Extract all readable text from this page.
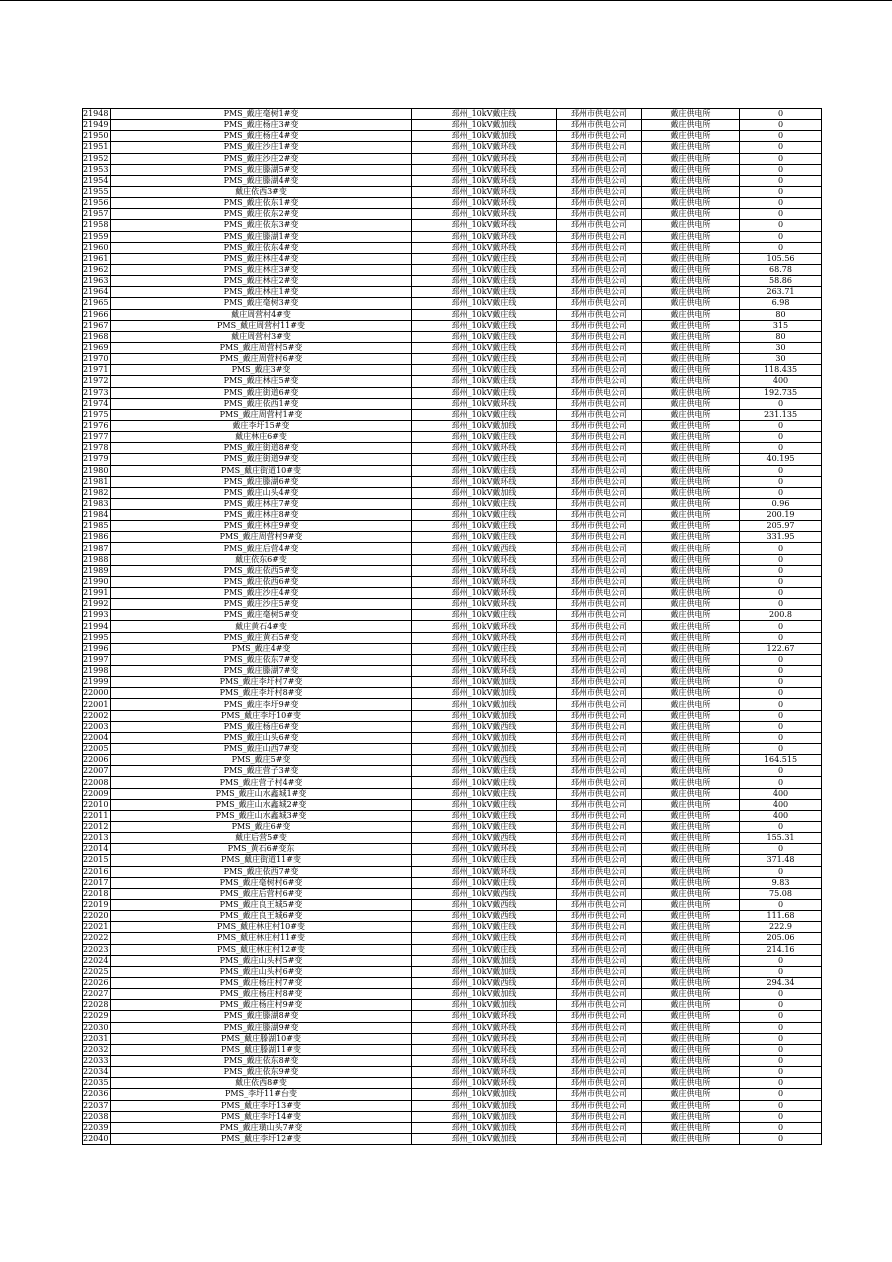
21948	PMS_戴庄毫树1#变	邳州_10kV戴庄线	邳州市供电公司	戴庄供电所	0
21949	PMS_戴庄杨庄3#变	邳州_10kV戴加线	邳州市供电公司	戴庄供电所	0
21950	PMS_戴庄杨庄4#变	邳州_10kV戴加线	邳州市供电公司	戴庄供电所	0
21951	PMS_戴庄沙庄1#变	邳州_10kV戴环线	邳州市供电公司	戴庄供电所	0
21952	PMS_戴庄沙庄2#变	邳州_10kV戴环线	邳州市供电公司	戴庄供电所	0
21953	PMS_戴庄滕湖5#变	邳州_10kV戴环线	邳州市供电公司	戴庄供电所	0
21954	PMS_戴庄滕湖4#变	邳州_10kV戴环线	邳州市供电公司	戴庄供电所	0
21955	戴庄依西3#变	邳州_10kV戴环线	邳州市供电公司	戴庄供电所	0
21956	PMS_戴庄依东1#变	邳州_10kV戴环线	邳州市供电公司	戴庄供电所	0
21957	PMS_戴庄依东2#变	邳州_10kV戴环线	邳州市供电公司	戴庄供电所	0
21958	PMS_戴庄依东3#变	邳州_10kV戴环线	邳州市供电公司	戴庄供电所	0
21959	PMS_戴庄滕湖1#变	邳州_10kV戴环线	邳州市供电公司	戴庄供电所	0
21960	PMS_戴庄依东4#变	邳州_10kV戴环线	邳州市供电公司	戴庄供电所	0
21961	PMS_戴庄林庄4#变	邳州_10kV戴庄线	邳州市供电公司	戴庄供电所	105.56
21962	PMS_戴庄林庄3#变	邳州_10kV戴庄线	邳州市供电公司	戴庄供电所	68.78
21963	PMS_戴庄林庄2#变	邳州_10kV戴庄线	邳州市供电公司	戴庄供电所	58.86
21964	PMS_戴庄林庄1#变	邳州_10kV戴庄线	邳州市供电公司	戴庄供电所	263.71
21965	PMS_戴庄毫树3#变	邳州_10kV戴庄线	邳州市供电公司	戴庄供电所	6.98
21966	戴庄周营村4#变	邳州_10kV戴庄线	邳州市供电公司	戴庄供电所	80
21967	PMS_戴庄周营村11#变	邳州_10kV戴庄线	邳州市供电公司	戴庄供电所	315
21968	戴庄周营村3#变	邳州_10kV戴庄线	邳州市供电公司	戴庄供电所	80
21969	PMS_戴庄周营村5#变	邳州_10kV戴庄线	邳州市供电公司	戴庄供电所	30
21970	PMS_戴庄周营村6#变	邳州_10kV戴庄线	邳州市供电公司	戴庄供电所	30
21971	PMS_戴庄3#变	邳州_10kV戴庄线	邳州市供电公司	戴庄供电所	118.435
21972	PMS_戴庄林庄5#变	邳州_10kV戴庄线	邳州市供电公司	戴庄供电所	400
21973	PMS_戴庄街道6#变	邳州_10kV戴庄线	邳州市供电公司	戴庄供电所	192.735
21974	PMS_戴庄依西1#变	邳州_10kV戴环线	邳州市供电公司	戴庄供电所	0
21975	PMS_戴庄周营村1#变	邳州_10kV戴庄线	邳州市供电公司	戴庄供电所	231.135
21976	戴庄李圩15#变	邳州_10kV戴加线	邳州市供电公司	戴庄供电所	0
21977	戴庄林庄6#变	邳州_10kV戴庄线	邳州市供电公司	戴庄供电所	0
21978	PMS_戴庄街道8#变	邳州_10kV戴环线	邳州市供电公司	戴庄供电所	0
21979	PMS_戴庄街道9#变	邳州_10kV戴庄线	邳州市供电公司	戴庄供电所	40.195
21980	PMS_戴庄街道10#变	邳州_10kV戴庄线	邳州市供电公司	戴庄供电所	0
21981	PMS_戴庄滕湖6#变	邳州_10kV戴环线	邳州市供电公司	戴庄供电所	0
21982	PMS_戴庄山头4#变	邳州_10kV戴加线	邳州市供电公司	戴庄供电所	0
21983	PMS_戴庄林庄7#变	邳州_10kV戴庄线	邳州市供电公司	戴庄供电所	0.96
21984	PMS_戴庄林庄8#变	邳州_10kV戴庄线	邳州市供电公司	戴庄供电所	200.19
21985	PMS_戴庄林庄9#变	邳州_10kV戴庄线	邳州市供电公司	戴庄供电所	205.97
21986	PMS_戴庄周营村9#变	邳州_10kV戴庄线	邳州市供电公司	戴庄供电所	331.95
21987	PMS_戴庄后营4#变	邳州_10kV戴西线	邳州市供电公司	戴庄供电所	0
21988	戴庄依东6#变	邳州_10kV戴环线	邳州市供电公司	戴庄供电所	0
21989	PMS_戴庄依西5#变	邳州_10kV戴环线	邳州市供电公司	戴庄供电所	0
21990	PMS_戴庄依西6#变	邳州_10kV戴环线	邳州市供电公司	戴庄供电所	0
21991	PMS_戴庄沙庄4#变	邳州_10kV戴环线	邳州市供电公司	戴庄供电所	0
21992	PMS_戴庄沙庄5#变	邳州_10kV戴环线	邳州市供电公司	戴庄供电所	0
21993	PMS_戴庄毫树5#变	邳州_10kV戴庄线	邳州市供电公司	戴庄供电所	200.8
21994	戴庄黄石4#变	邳州_10kV戴环线	邳州市供电公司	戴庄供电所	0
21995	PMS_戴庄黄石5#变	邳州_10kV戴环线	邳州市供电公司	戴庄供电所	0
21996	PMS_戴庄4#变	邳州_10kV戴庄线	邳州市供电公司	戴庄供电所	122.67
21997	PMS_戴庄依东7#变	邳州_10kV戴环线	邳州市供电公司	戴庄供电所	0
21998	PMS_戴庄滕湖7#变	邳州_10kV戴环线	邳州市供电公司	戴庄供电所	0
21999	PMS_戴庄李圩村7#变	邳州_10kV戴加线	邳州市供电公司	戴庄供电所	0
22000	PMS_戴庄李圩村8#变	邳州_10kV戴加线	邳州市供电公司	戴庄供电所	0
22001	PMS_戴庄李圩9#变	邳州_10kV戴加线	邳州市供电公司	戴庄供电所	0
22002	PMS_戴庄李圩10#变	邳州_10kV戴加线	邳州市供电公司	戴庄供电所	0
22003	PMS_戴庄杨庄6#变	邳州_10kV戴西线	邳州市供电公司	戴庄供电所	0
22004	PMS_戴庄山头6#变	邳州_10kV戴加线	邳州市供电公司	戴庄供电所	0
22005	PMS_戴庄山西7#变	邳州_10kV戴加线	邳州市供电公司	戴庄供电所	0
22006	PMS_戴庄5#变	邳州_10kV戴西线	邳州市供电公司	戴庄供电所	164.515
22007	PMS_戴庄营子3#变	邳州_10kV戴庄线	邳州市供电公司	戴庄供电所	0
22008	PMS_戴庄营子村4#变	邳州_10kV戴庄线	邳州市供电公司	戴庄供电所	0
22009	PMS_戴庄山水鑫城1#变	邳州_10kV戴庄线	邳州市供电公司	戴庄供电所	400
22010	PMS_戴庄山水鑫城2#变	邳州_10kV戴庄线	邳州市供电公司	戴庄供电所	400
22011	PMS_戴庄山水鑫城3#变	邳州_10kV戴庄线	邳州市供电公司	戴庄供电所	400
22012	PMS_戴庄6#变	邳州_10kV戴庄线	邳州市供电公司	戴庄供电所	0
22013	戴庄后营5#变	邳州_10kV戴西线	邳州市供电公司	戴庄供电所	155.31
22014	PMS_黄石6#变东	邳州_10kV戴环线	邳州市供电公司	戴庄供电所	0
22015	PMS_戴庄街道11#变	邳州_10kV戴庄线	邳州市供电公司	戴庄供电所	371.48
22016	PMS_戴庄依西7#变	邳州_10kV戴环线	邳州市供电公司	戴庄供电所	0
22017	PMS_戴庄毫树村6#变	邳州_10kV戴庄线	邳州市供电公司	戴庄供电所	9.83
22018	PMS_戴庄后营村6#变	邳州_10kV戴西线	邳州市供电公司	戴庄供电所	75.08
22019	PMS_戴庄良王城5#变	邳州_10kV戴西线	邳州市供电公司	戴庄供电所	0
22020	PMS_戴庄良王城6#变	邳州_10kV戴西线	邳州市供电公司	戴庄供电所	111.68
22021	PMS_戴庄林庄村10#变	邳州_10kV戴庄线	邳州市供电公司	戴庄供电所	222.9
22022	PMS_戴庄林庄村11#变	邳州_10kV戴庄线	邳州市供电公司	戴庄供电所	205.06
22023	PMS_戴庄林庄村12#变	邳州_10kV戴庄线	邳州市供电公司	戴庄供电所	214.16
22024	PMS_戴庄山头村5#变	邳州_10kV戴加线	邳州市供电公司	戴庄供电所	0
22025	PMS_戴庄山头村6#变	邳州_10kV戴加线	邳州市供电公司	戴庄供电所	0
22026	PMS_戴庄杨庄村7#变	邳州_10kV戴西线	邳州市供电公司	戴庄供电所	294.34
22027	PMS_戴庄杨庄村8#变	邳州_10kV戴加线	邳州市供电公司	戴庄供电所	0
22028	PMS_戴庄杨庄村9#变	邳州_10kV戴加线	邳州市供电公司	戴庄供电所	0
22029	PMS_戴庄滕湖8#变	邳州_10kV戴环线	邳州市供电公司	戴庄供电所	0
22030	PMS_戴庄滕湖9#变	邳州_10kV戴环线	邳州市供电公司	戴庄供电所	0
22031	PMS_戴庄滕湖10#变	邳州_10kV戴环线	邳州市供电公司	戴庄供电所	0
22032	PMS_戴庄滕湖11#变	邳州_10kV戴环线	邳州市供电公司	戴庄供电所	0
22033	PMS_戴庄依东8#变	邳州_10kV戴环线	邳州市供电公司	戴庄供电所	0
22034	PMS_戴庄依东9#变	邳州_10kV戴环线	邳州市供电公司	戴庄供电所	0
22035	戴庄依西8#变	邳州_10kV戴环线	邳州市供电公司	戴庄供电所	0
22036	PMS_李圩11#台变	邳州_10kV戴加线	邳州市供电公司	戴庄供电所	0
22037	PMS_戴庄李圩13#变	邳州_10kV戴加线	邳州市供电公司	戴庄供电所	0
22038	PMS_戴庄李圩14#变	邳州_10kV戴加线	邳州市供电公司	戴庄供电所	0
22039	PMS_戴庄璜山头7#变	邳州_10kV戴加线	邳州市供电公司	戴庄供电所	0
22040	PMS_戴庄李圩12#变	邳州_10kV戴加线	邳州市供电公司	戴庄供电所	0
